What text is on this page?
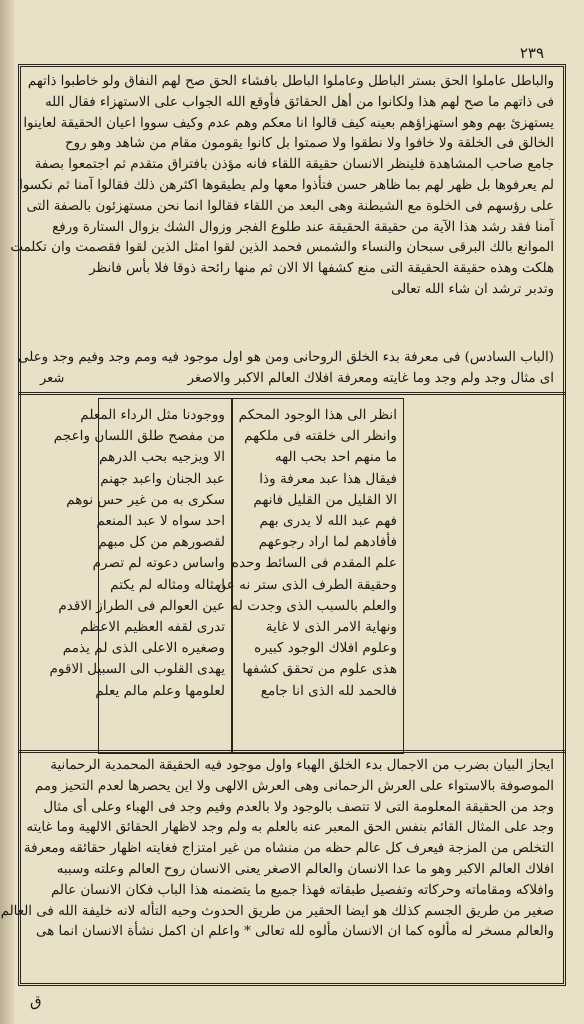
٢٣٩

والباطل عاملوا الحق بستر الباطل وعاملوا الباطل بافشاء الحق صح لهم النفاق ولو خاطبوا ذاتهم

فى ذاتهم ما صح لهم هذا ولكانوا من أهل الحقائق فأوقع الله الجواب على الاستهزاء فقال الله

يستهزئ بهم وهو استهزاؤهم بعينه كيف قالوا انا معكم وهم عدم وكيف سووا اعيان الحقيقة لعاينوا

الخالق فى الخلقة ولا خافوا ولا نطقوا ولا صمتوا بل كانوا يقومون مقام من شاهد وهو روح

جامع صاحب المشاهدة فلينظر الانسان حقيقة اللقاء فانه مؤذن بافتراق متقدم ثم اجتمعوا بصفة

لم يعرفوها بل ظهر لهم بما ظاهر حسن فتأذوا معها ولم يطيقوها اكثرهن ذلك فقالوا آمنا ثم نكسوا

على رؤسهم فى الخلوة مع الشيطنة وهى البعد من اللقاء فقالوا انما نحن مستهزئون بالصفة التى

آمنا فقد رشد هذا الآية من حقيقة الحقيقة عند طلوع الفجر وزوال الشك بزوال الستارة ورفع

الموانع بالك البرقى سبحان والنساء والشمس فحمد الذين لقوا امثل الذين لقوا فقصمت وان تكلمت

هلكت وهذه حقيقة الحقيقة التى منع كشفها الا الان ثم منها رائحة ذوقا فلا بأس فانظر

وتدبر ترشد ان شاء الله تعالى

(الباب السادس) فى معرفة بدء الخلق الروحانى ومن هو اول موجود فيه ومم وجد وفيم وجد وعلى

اى مثال وجد ولم وجد وما غايته ومعرفة افلاك العالم الاكبر والاصغر

شعر
انظر الى هذا الوجود المحكم
وانظر الى خلقته فى ملكهم
ما منهم احد بحب الهه
فيقال هذا عبد معرفة وذا
الا القليل من القليل فانهم
فهم عبد الله لا يدرى بهم
فأفادهم لما اراد رجوعهم
علم المقدم فى السائط وحده
وحقيقة الطرف الذى ستر نه عن
والعلم بالسبب الذى وجدت له
ونهاية الامر الذى لا غاية
وعلوم افلاك الوجود كبيره
هذى علوم من تحقق كشفها
فالحمد لله الذى انا جامع
ووجودنا مثل الرداء المعلم
من مفصح طلق اللسان واعجم
الا ويزجيه بحب الدرهم
عبد الجنان واعبد جهنم
سكرى به من غير حس نوهم
احد سواه لا عبد المنعم
لقصورهم من كل مبهم
واساس دعوته لم تصرم
امثاله ومثاله لم يكتم
عين العوالم فى الطراز الاقدم
تدرى لقفه العظيم الاعظم
وصغيره الاعلى الذى لم يذمم
يهدى القلوب الى السبيل الاقوم
لعلومها وعلم مالم يعلم

ايجاز البيان بضرب من الاجمال بدء الخلق الهباء واول موجود فيه الحقيقة المحمدية الرحمانية

الموصوفة بالاستواء على العرش الرحمانى وهى العرش الالهى ولا اين يحصرها لعدم التحيز ومم

وجد من الحقيقة المعلومة التى لا تتصف بالوجود ولا بالعدم وفيم وجد فى الهباء وعلى أى مثال

وجد على المثال القائم بنفس الحق المعبر عنه بالعلم به ولم وجد لاظهار الحقائق الالهية وما غايته

التخلص من المزجة فيعرف كل عالم حظه من منشاه من غير امتزاج فغايته اظهار حقائقه ومعرفة

افلاك العالم الاكبر وهو ما عدا الانسان والعالم الاصغر يعنى الانسان روح العالم وعلته وسببه

وافلاكه ومقاماته وحركاته وتفصيل طبقاته فهذا جميع ما يتضمنه هذا الباب فكان الانسان عالم

صغير من طريق الجسم كذلك هو ايضا الحقير من طريق الحدوث وحيه التأله لانه خليفة الله فى العالم

والعالم مسخر له مألوه كما ان الانسان مألوه لله تعالى * واعلم ان اكمل نشأة الانسان انما هى

ق
